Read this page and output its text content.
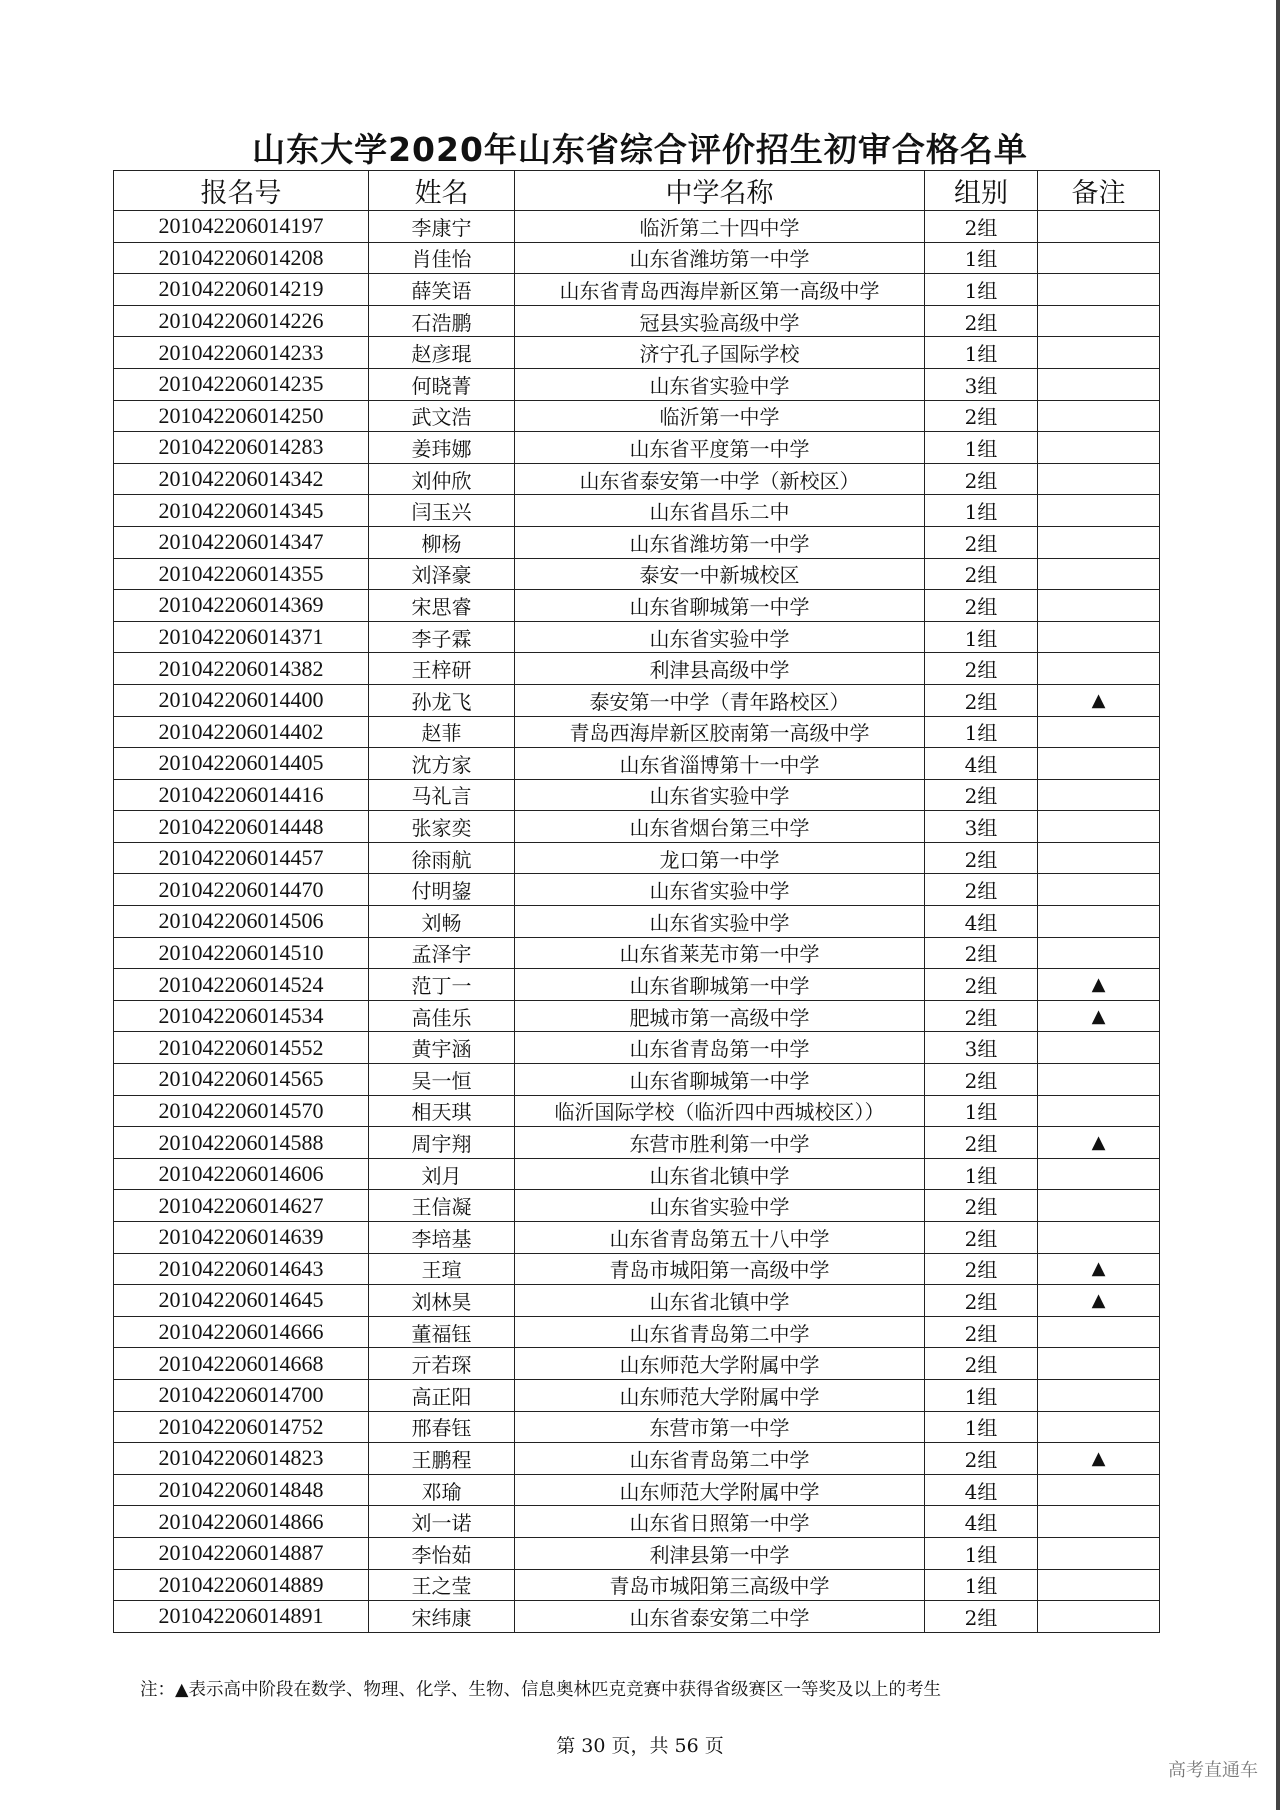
山东大学2020年山东省综合评价招生初审合格名单
报名号	姓名	中学名称	组别	备注
201042206014197	李康宁	临沂第二十四中学	2组	
201042206014208	肖佳怡	山东省潍坊第一中学	1组	
201042206014219	薛笑语	山东省青岛西海岸新区第一高级中学	1组	
201042206014226	石浩鹏	冠县实验高级中学	2组	
201042206014233	赵彦琨	济宁孔子国际学校	1组	
201042206014235	何晓菁	山东省实验中学	3组	
201042206014250	武文浩	临沂第一中学	2组	
201042206014283	姜玮娜	山东省平度第一中学	1组	
201042206014342	刘仲欣	山东省泰安第一中学（新校区）	2组	
201042206014345	闫玉兴	山东省昌乐二中	1组	
201042206014347	柳杨	山东省潍坊第一中学	2组	
201042206014355	刘泽豪	泰安一中新城校区	2组	
201042206014369	宋思睿	山东省聊城第一中学	2组	
201042206014371	李子霖	山东省实验中学	1组	
201042206014382	王梓研	利津县高级中学	2组	
201042206014400	孙龙飞	泰安第一中学（青年路校区）	2组	▲
201042206014402	赵菲	青岛西海岸新区胶南第一高级中学	1组	
201042206014405	沈方家	山东省淄博第十一中学	4组	
201042206014416	马礼言	山东省实验中学	2组	
201042206014448	张家奕	山东省烟台第三中学	3组	
201042206014457	徐雨航	龙口第一中学	2组	
201042206014470	付明鋆	山东省实验中学	2组	
201042206014506	刘畅	山东省实验中学	4组	
201042206014510	孟泽宇	山东省莱芜市第一中学	2组	
201042206014524	范丁一	山东省聊城第一中学	2组	▲
201042206014534	高佳乐	肥城市第一高级中学	2组	▲
201042206014552	黄宇涵	山东省青岛第一中学	3组	
201042206014565	吴一恒	山东省聊城第一中学	2组	
201042206014570	相天琪	临沂国际学校（临沂四中西城校区））	1组	
201042206014588	周宇翔	东营市胜利第一中学	2组	▲
201042206014606	刘月	山东省北镇中学	1组	
201042206014627	王信凝	山东省实验中学	2组	
201042206014639	李培基	山东省青岛第五十八中学	2组	
201042206014643	王瑄	青岛市城阳第一高级中学	2组	▲
201042206014645	刘林昊	山东省北镇中学	2组	▲
201042206014666	董福钰	山东省青岛第二中学	2组	
201042206014668	亓若琛	山东师范大学附属中学	2组	
201042206014700	高正阳	山东师范大学附属中学	1组	
201042206014752	邢春钰	东营市第一中学	1组	
201042206014823	王鹏程	山东省青岛第二中学	2组	▲
201042206014848	邓瑜	山东师范大学附属中学	4组	
201042206014866	刘一诺	山东省日照第一中学	4组	
201042206014887	李怡茹	利津县第一中学	1组	
201042206014889	王之莹	青岛市城阳第三高级中学	1组	
201042206014891	宋纬康	山东省泰安第二中学	2组	
注：▲表示高中阶段在数学、物理、化学、生物、信息奥林匹克竞赛中获得省级赛区一等奖及以上的考生
第 30 页，共 56 页
高考直通车
